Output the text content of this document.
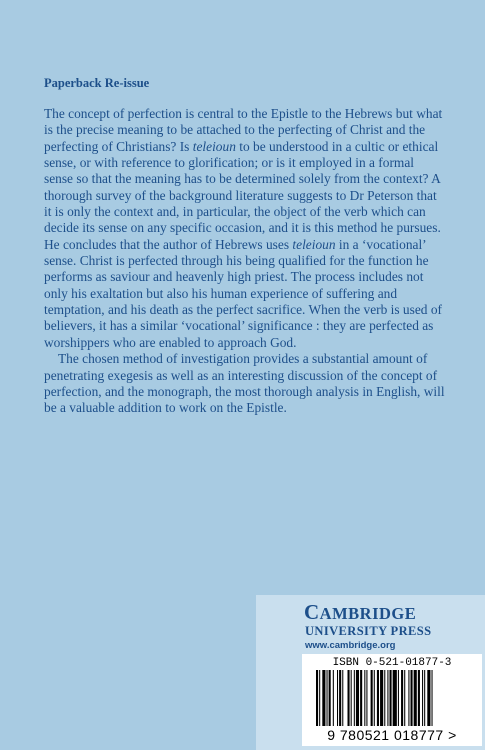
Paperback Re-issue

The concept of perfection is central to the Epistle to the Hebrews but what is the precise meaning to be attached to the perfecting of Christ and the perfecting of Christians? Is teleioun to be understood in a cultic or ethical sense, or with reference to glorification; or is it employed in a formal sense so that the meaning has to be determined solely from the context? A thorough survey of the background literature suggests to Dr Peterson that it is only the context and, in particular, the object of the verb which can decide its sense on any specific occasion, and it is this method he pursues. He concludes that the author of Hebrews uses teleioun in a ‘vocational’ sense. Christ is perfected through his being qualified for the function he performs as saviour and heavenly high priest. The process includes not only his exaltation but also his human experience of suffering and temptation, and his death as the perfect sacrifice. When the verb is used of believers, it has a similar ‘vocational’ significance : they are perfected as worshippers who are enabled to approach God.

The chosen method of investigation provides a substantial amount of penetrating exegesis as well as an interesting discussion of the concept of perfection, and the monograph, the most thorough analysis in English, will be a valuable addition to work on the Epistle.

CAMBRIDGE
UNIVERSITY PRESS
www.cambridge.org
ISBN 0-521-01877-3
9 780521 018777 >
